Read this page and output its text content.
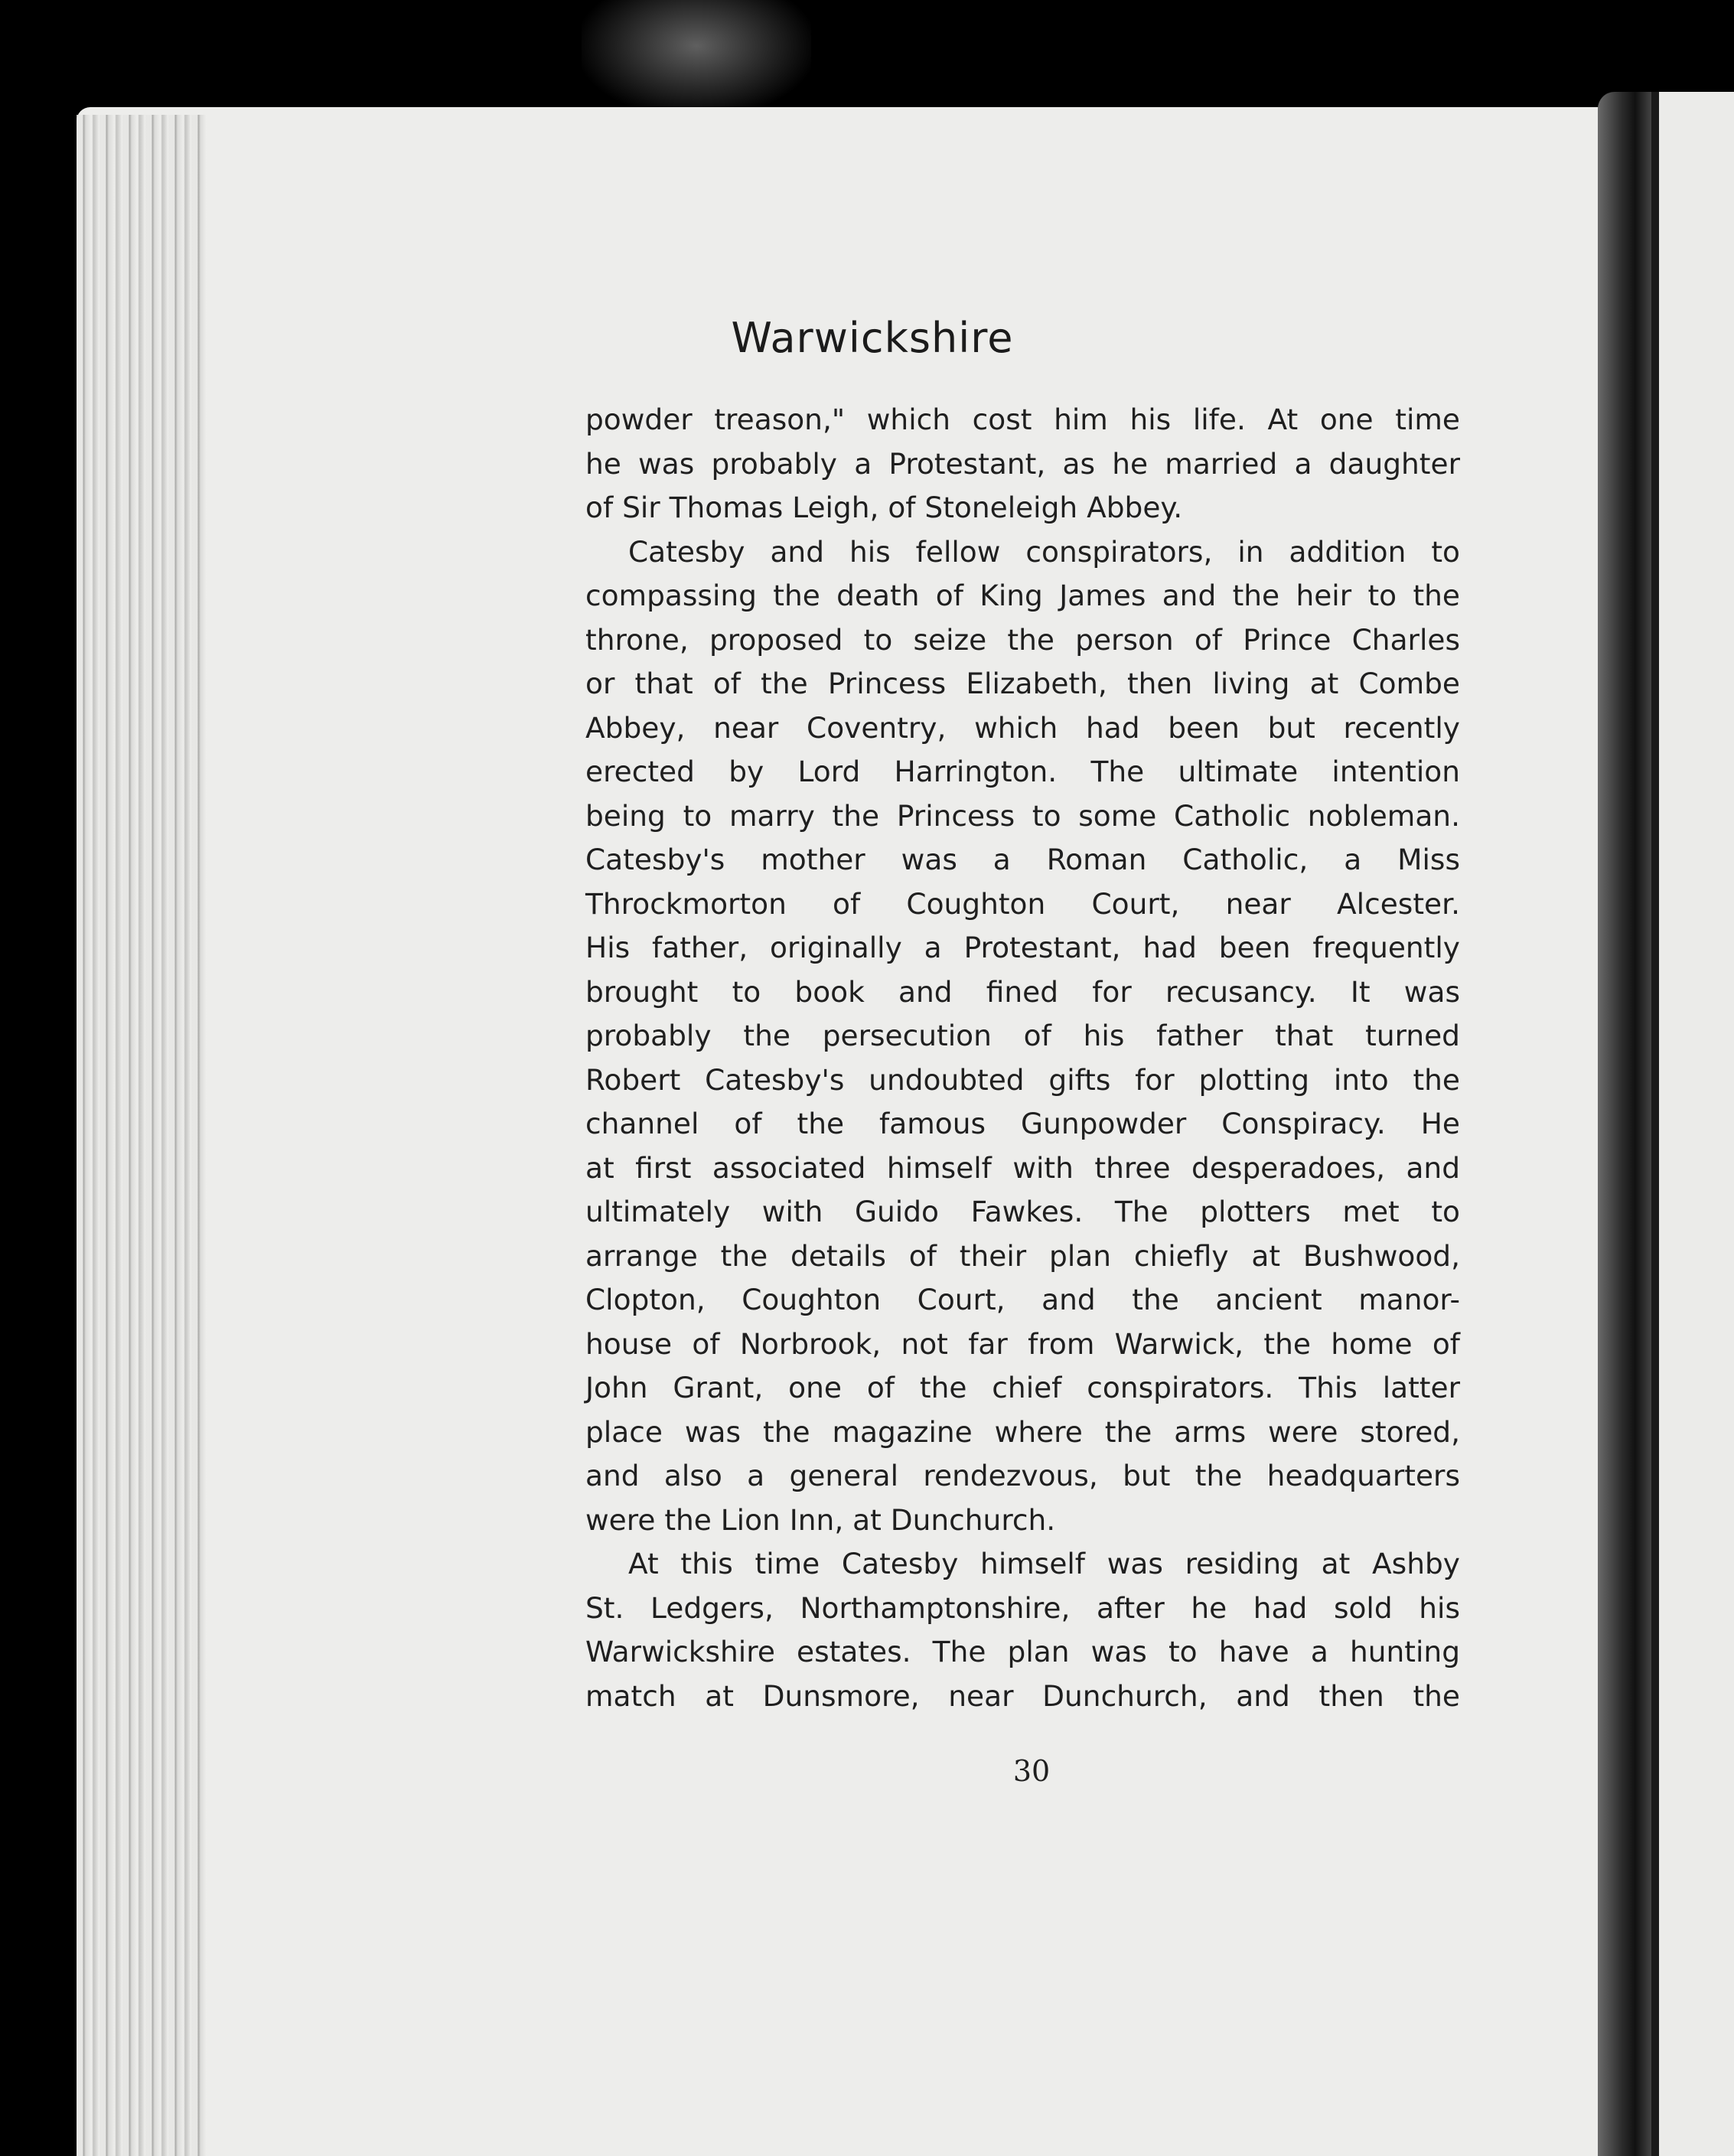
Warwickshire
powder treason," which cost him his life. At one time
he was probably a Protestant, as he married a daughter
of Sir Thomas Leigh, of Stoneleigh Abbey.
Catesby and his fellow conspirators, in addition to
compassing the death of King James and the heir to the
throne, proposed to seize the person of Prince Charles
or that of the Princess Elizabeth, then living at Combe
Abbey, near Coventry, which had been but recently
erected by Lord Harrington. The ultimate intention
being to marry the Princess to some Catholic nobleman.
Catesby's mother was a Roman Catholic, a Miss
Throckmorton of Coughton Court, near Alcester.
His father, originally a Protestant, had been frequently
brought to book and fined for recusancy. It was
probably the persecution of his father that turned
Robert Catesby's undoubted gifts for plotting into the
channel of the famous Gunpowder Conspiracy. He
at first associated himself with three desperadoes, and
ultimately with Guido Fawkes. The plotters met to
arrange the details of their plan chiefly at Bushwood,
Clopton, Coughton Court, and the ancient manor-
house of Norbrook, not far from Warwick, the home of
John Grant, one of the chief conspirators. This latter
place was the magazine where the arms were stored,
and also a general rendezvous, but the headquarters
were the Lion Inn, at Dunchurch.
At this time Catesby himself was residing at Ashby
St. Ledgers, Northamptonshire, after he had sold his
Warwickshire estates. The plan was to have a hunting
match at Dunsmore, near Dunchurch, and then the
30
